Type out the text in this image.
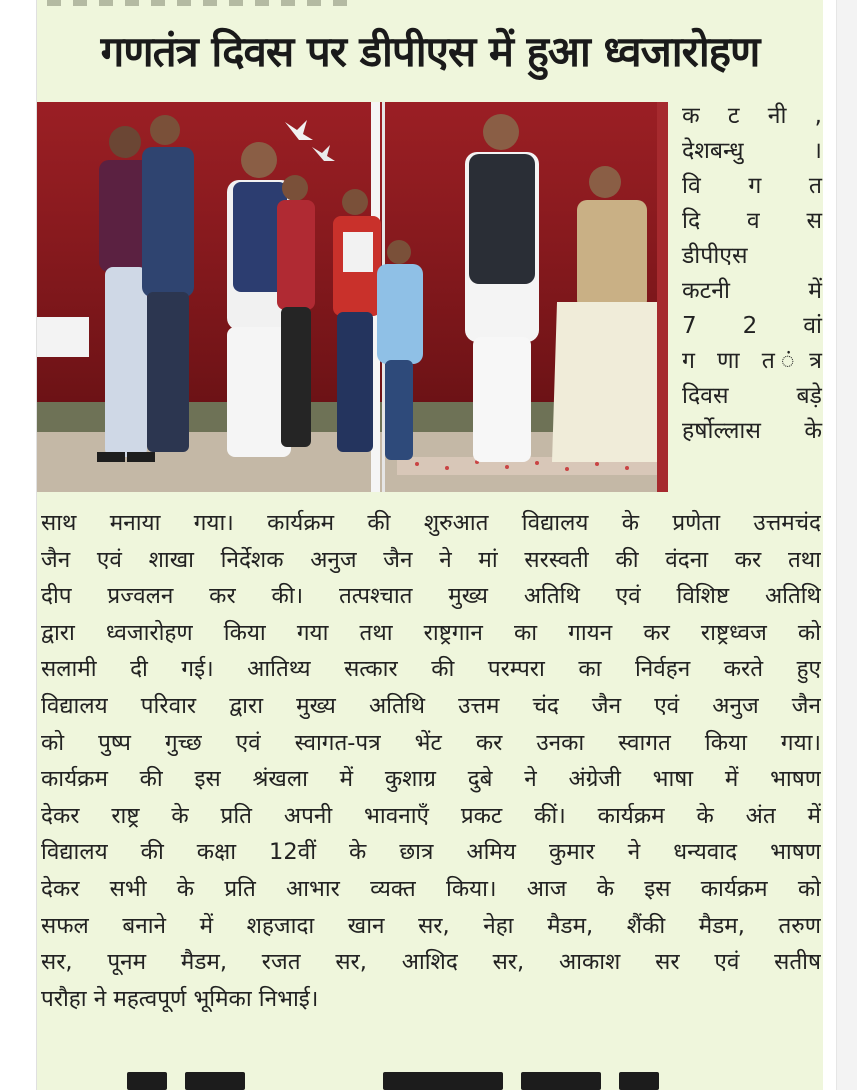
गणतंत्र दिवस पर डीपीएस में हुआ ध्वजारोहण
क ट नी ,
देशबन्धु ।
वि ग त
दि व स
डीपीएस
कटनी में
7 2 वां
ग णा त ंत्र
दिवस बड़े
हर्षोल्लास के
साथ मनाया गया। कार्यक्रम की शुरुआत विद्यालय के प्रणेता उत्तमचंद
जैन एवं शाखा निर्देशक अनुज जैन ने मां सरस्वती की वंदना कर तथा
दीप प्रज्वलन कर की। तत्पश्चात मुख्य अतिथि एवं विशिष्ट अतिथि
द्वारा ध्वजारोहण किया गया तथा राष्ट्रगान का गायन कर राष्ट्रध्वज को
सलामी दी गई। आतिथ्य सत्कार की परम्परा का निर्वहन करते हुए
विद्यालय परिवार द्वारा मुख्य अतिथि उत्तम चंद जैन एवं अनुज जैन
को पुष्प गुच्छ एवं स्वागत-पत्र भेंट कर उनका स्वागत किया गया।
कार्यक्रम की इस श्रंखला में कुशाग्र दुबे ने अंग्रेजी भाषा में भाषण
देकर राष्ट्र के प्रति अपनी भावनाएँ प्रकट कीं। कार्यक्रम के अंत में
विद्यालय की कक्षा 12वीं के छात्र अमिय कुमार ने धन्यवाद भाषण
देकर सभी के प्रति आभार व्यक्त किया। आज के इस कार्यक्रम को
सफल बनाने में शहजादा खान सर, नेहा मैडम, शैंकी मैडम, तरुण
सर, पूनम मैडम, रजत सर, आशिद सर, आकाश सर एवं सतीष
परौहा ने महत्वपूर्ण भूमिका निभाई।
